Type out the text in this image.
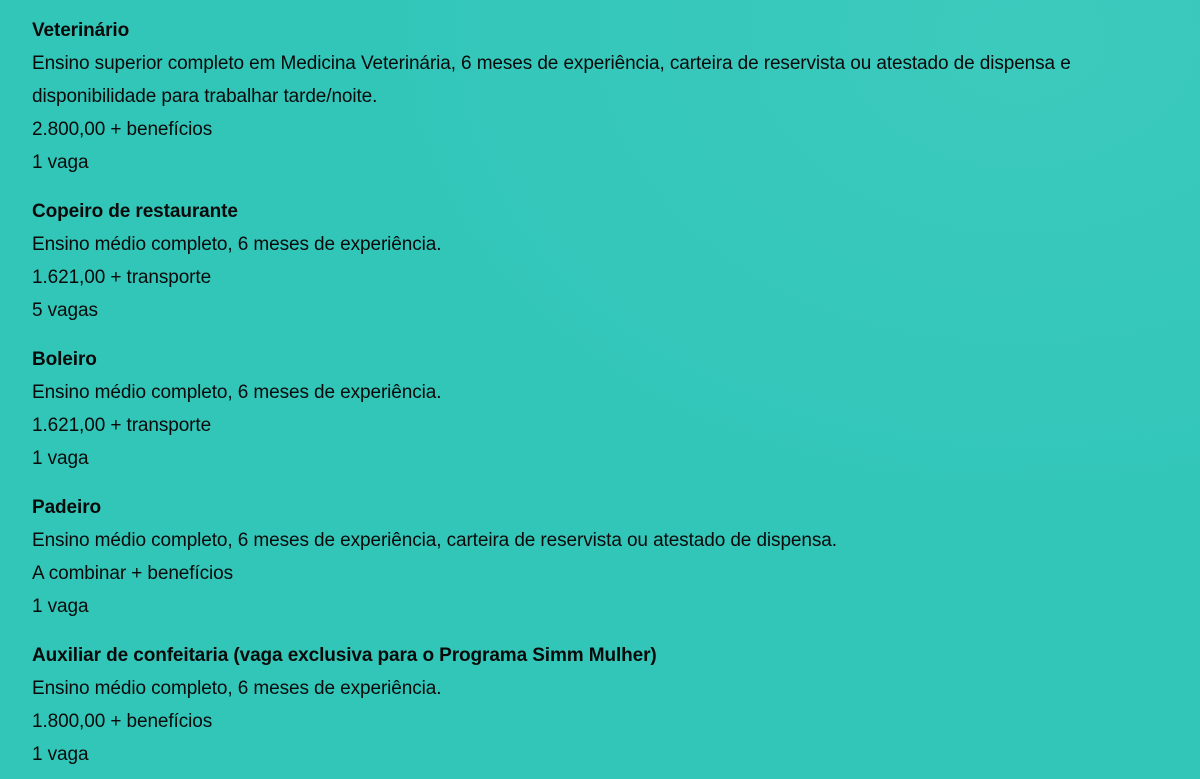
Veterinário
Ensino superior completo em Medicina Veterinária, 6 meses de experiência, carteira de reservista ou atestado de dispensa e disponibilidade para trabalhar tarde/noite.
2.800,00 + benefícios
1 vaga
Copeiro de restaurante
Ensino médio completo, 6 meses de experiência.
1.621,00 + transporte
5 vagas
Boleiro
Ensino médio completo, 6 meses de experiência.
1.621,00 + transporte
1 vaga
Padeiro
Ensino médio completo, 6 meses de experiência, carteira de reservista ou atestado de dispensa.
A combinar + benefícios
1 vaga
Auxiliar de confeitaria (vaga exclusiva para o Programa Simm Mulher)
Ensino médio completo, 6 meses de experiência.
1.800,00 + benefícios
1 vaga
